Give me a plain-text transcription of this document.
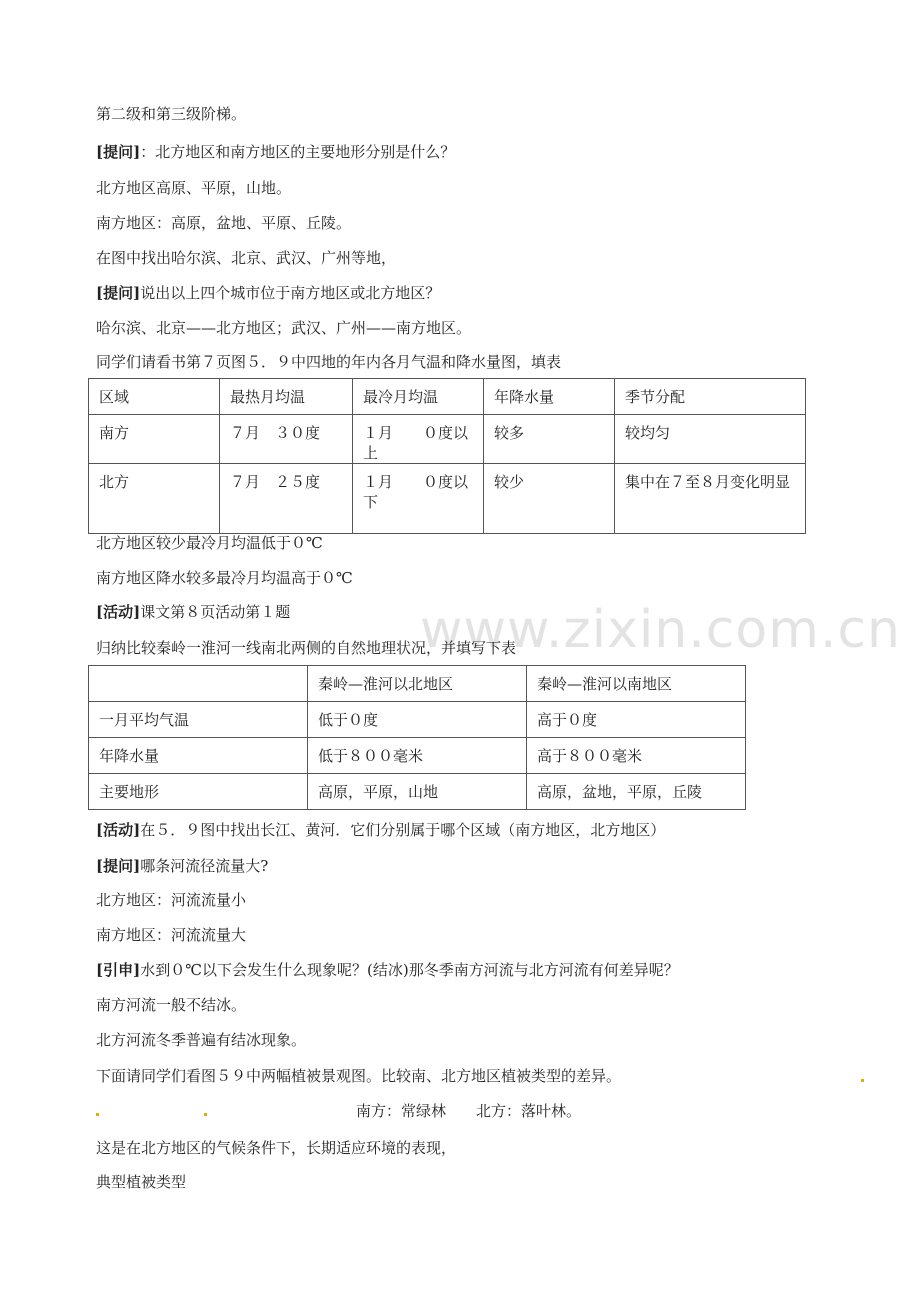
www.zixin.com.cn
第二级和第三级阶梯。
[提问]：北方地区和南方地区的主要地形分别是什么？
北方地区高原、平原，山地。
南方地区：高原，盆地、平原、丘陵。
在图中找出哈尔滨、北京、武汉、广州等地，
[提问]说出以上四个城市位于南方地区或北方地区？
哈尔滨、北京——北方地区；武汉、广州——南方地区。
同学们请看书第７页图５．９中四地的年内各月气温和降水量图，填表
区域	最热月均温	最冷月均温	年降水量	季节分配
南方	７月　３０度	１月　　０度以上	较多	较均匀
北方	７月　２５度	１月　　０度以下	较少	集中在７至８月变化明显
北方地区较少最冷月均温低于０℃
南方地区降水较多最冷月均温高于０℃
[活动]课文第８页活动第１题
归纳比较秦岭一淮河一线南北两侧的自然地理状况，并填写下表
	秦岭—淮河以北地区	秦岭—淮河以南地区
一月平均气温	低于０度	高于０度
年降水量	低于８００毫米	高于８００毫米
主要地形	高原，平原，山地	高原，盆地，平原，丘陵
[活动]在５．９图中找出长江、黄河．它们分别属于哪个区域（南方地区，北方地区）
[提问]哪条河流径流量大?
北方地区：河流流量小
南方地区：河流流量大
[引申]水到０℃以下会发生什么现象呢？(结冰)那冬季南方河流与北方河流有何差异呢？
南方河流一般不结冰。
北方河流冬季普遍有结冰现象。
下面请同学们看图５９中两幅植被景观图。比较南、北方地区植被类型的差异。
南方：常绿林　　北方：落叶林。
这是在北方地区的气候条件下，长期适应环境的表现，
典型植被类型
